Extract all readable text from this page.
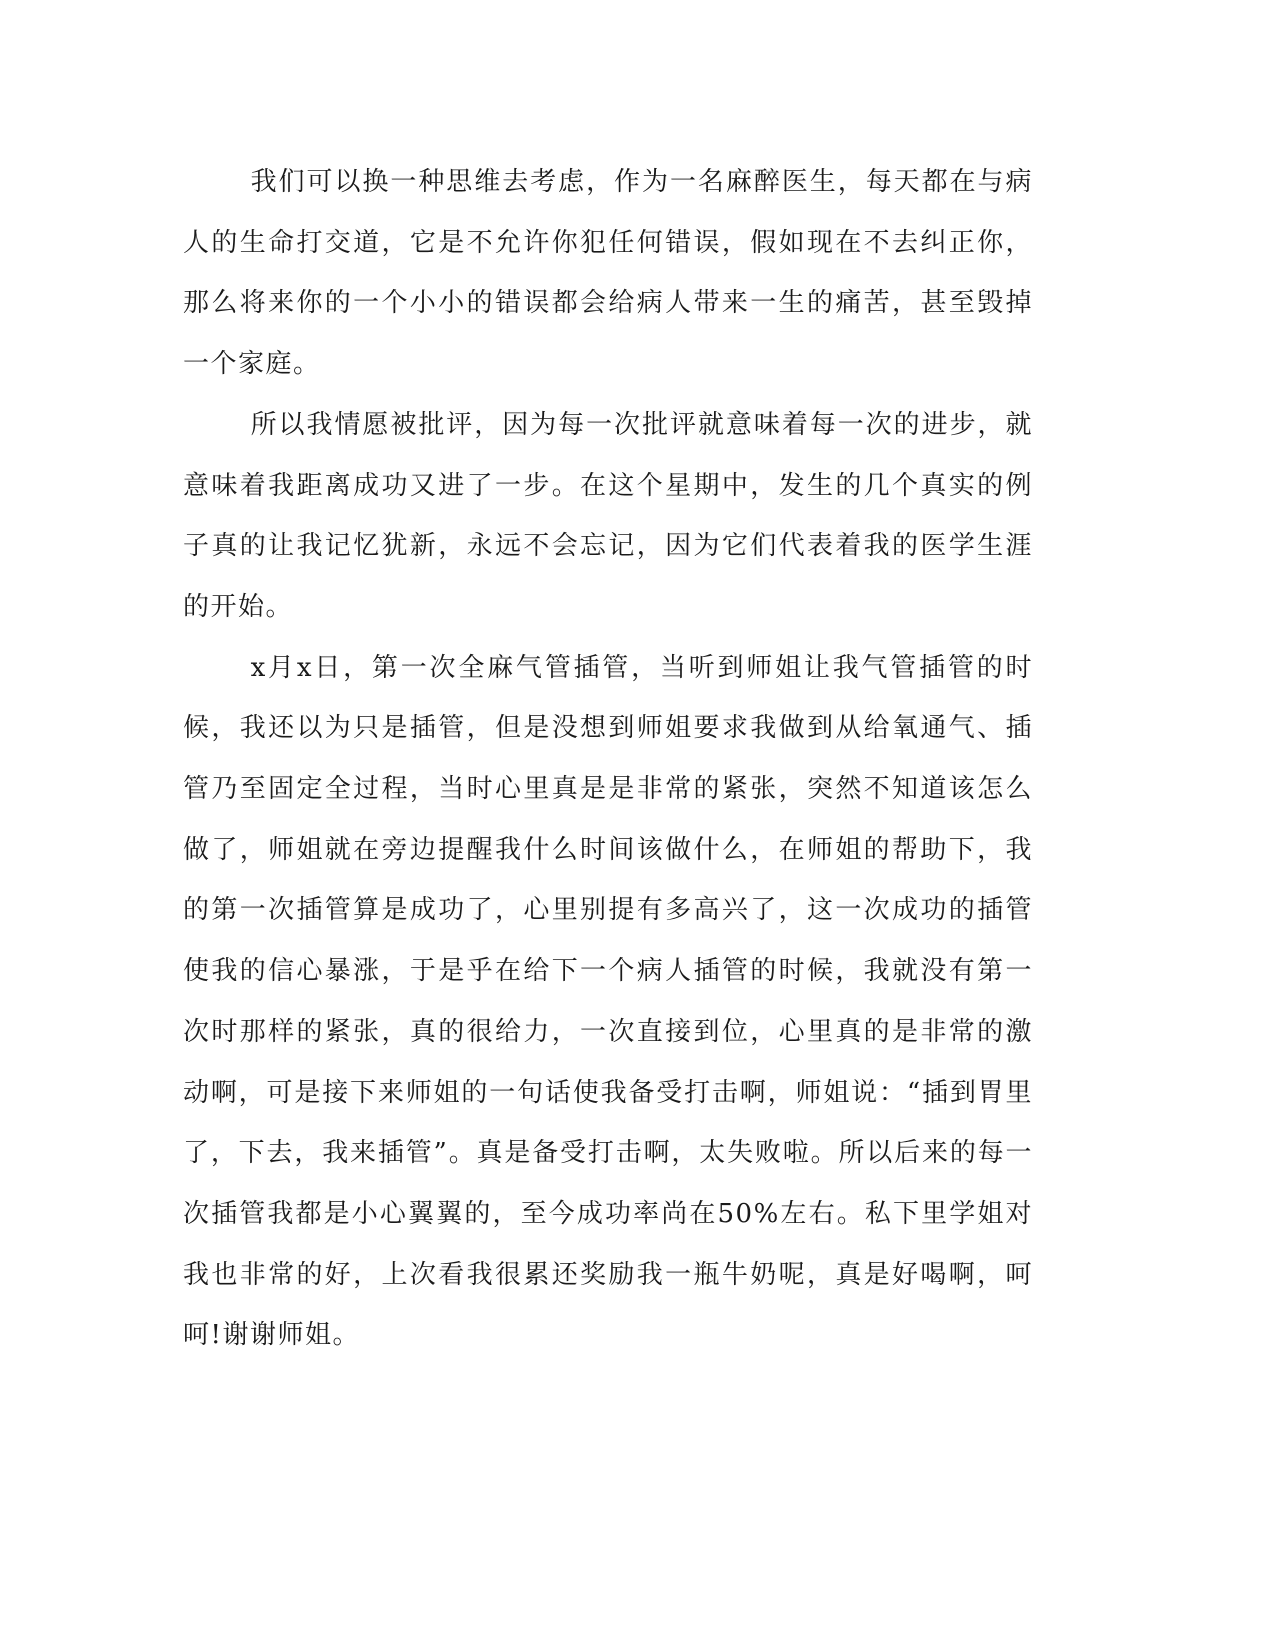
我们可以换一种思维去考虑，作为一名麻醉医生，每天都在与病人的生命打交道，它是不允许你犯任何错误，假如现在不去纠正你，那么将来你的一个小小的错误都会给病人带来一生的痛苦，甚至毁掉一个家庭。

所以我情愿被批评，因为每一次批评就意味着每一次的进步，就意味着我距离成功又进了一步。在这个星期中，发生的几个真实的例子真的让我记忆犹新，永远不会忘记，因为它们代表着我的医学生涯的开始。

x月x日，第一次全麻气管插管，当听到师姐让我气管插管的时候，我还以为只是插管，但是没想到师姐要求我做到从给氧通气、插管乃至固定全过程，当时心里真是是非常的紧张，突然不知道该怎么做了，师姐就在旁边提醒我什么时间该做什么，在师姐的帮助下，我的第一次插管算是成功了，心里别提有多高兴了，这一次成功的插管使我的信心暴涨，于是乎在给下一个病人插管的时候，我就没有第一次时那样的紧张，真的很给力，一次直接到位，心里真的是非常的激动啊，可是接下来师姐的一句话使我备受打击啊，师姐说：“插到胃里了，下去，我来插管”。真是备受打击啊，太失败啦。所以后来的每一次插管我都是小心翼翼的，至今成功率尚在50%左右。私下里学姐对我也非常的好，上次看我很累还奖励我一瓶牛奶呢，真是好喝啊，呵呵!谢谢师姐。
